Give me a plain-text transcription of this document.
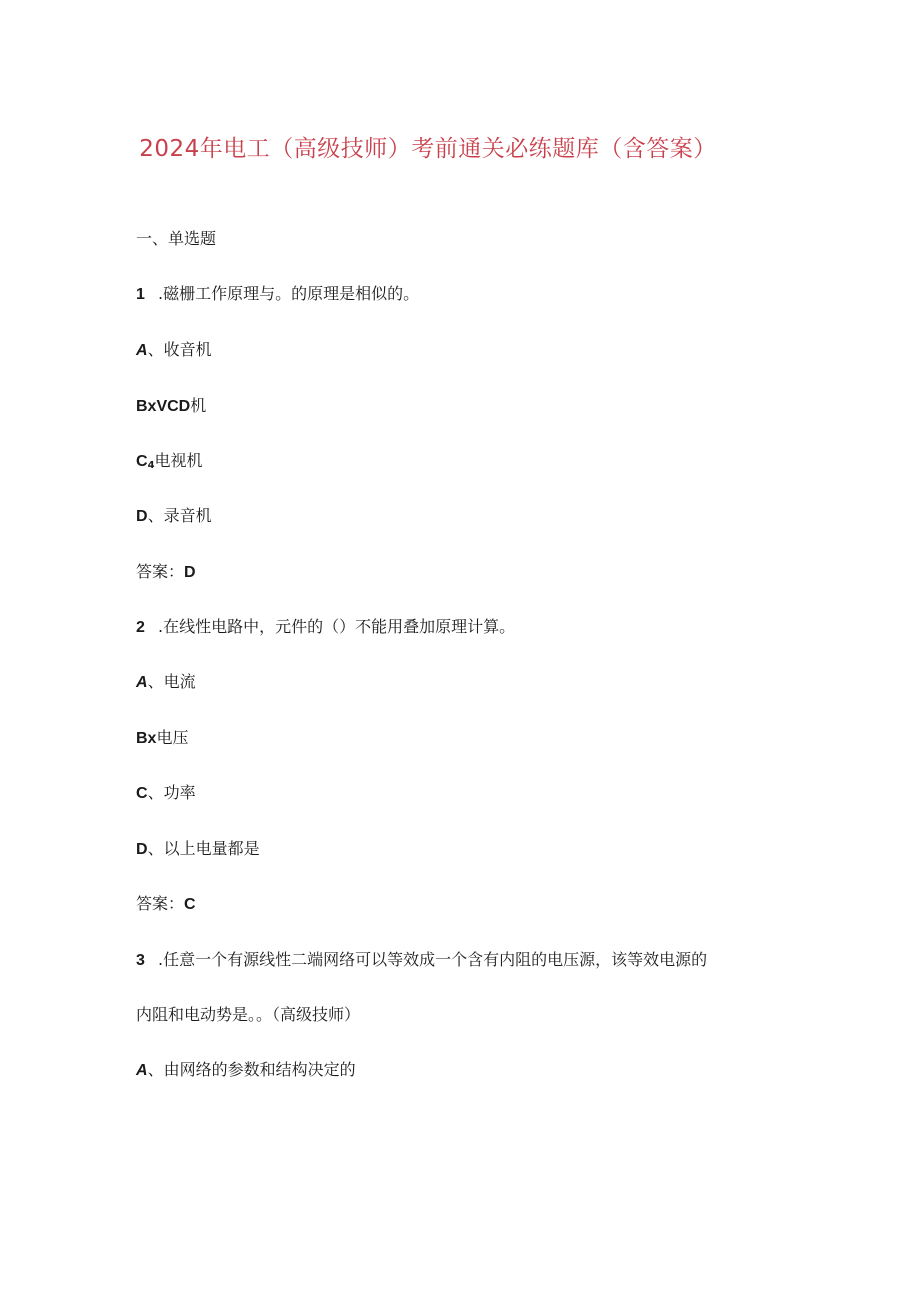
2024年电工（高级技师）考前通关必练题库（含答案）
一、单选题
1 .磁栅工作原理与。的原理是相似的。
A、收音机
BxVCD机
$C_4$电视机
D、录音机
答案：D
2 .在线性电路中，元件的（）不能用叠加原理计算。
A、电流
Bx电压
C、功率
D、以上电量都是
答案：C
3 .任意一个有源线性二端网络可以等效成一个含有内阻的电压源，该等效电源的
内阻和电动势是。。（高级技师）
A、由网络的参数和结构决定的
